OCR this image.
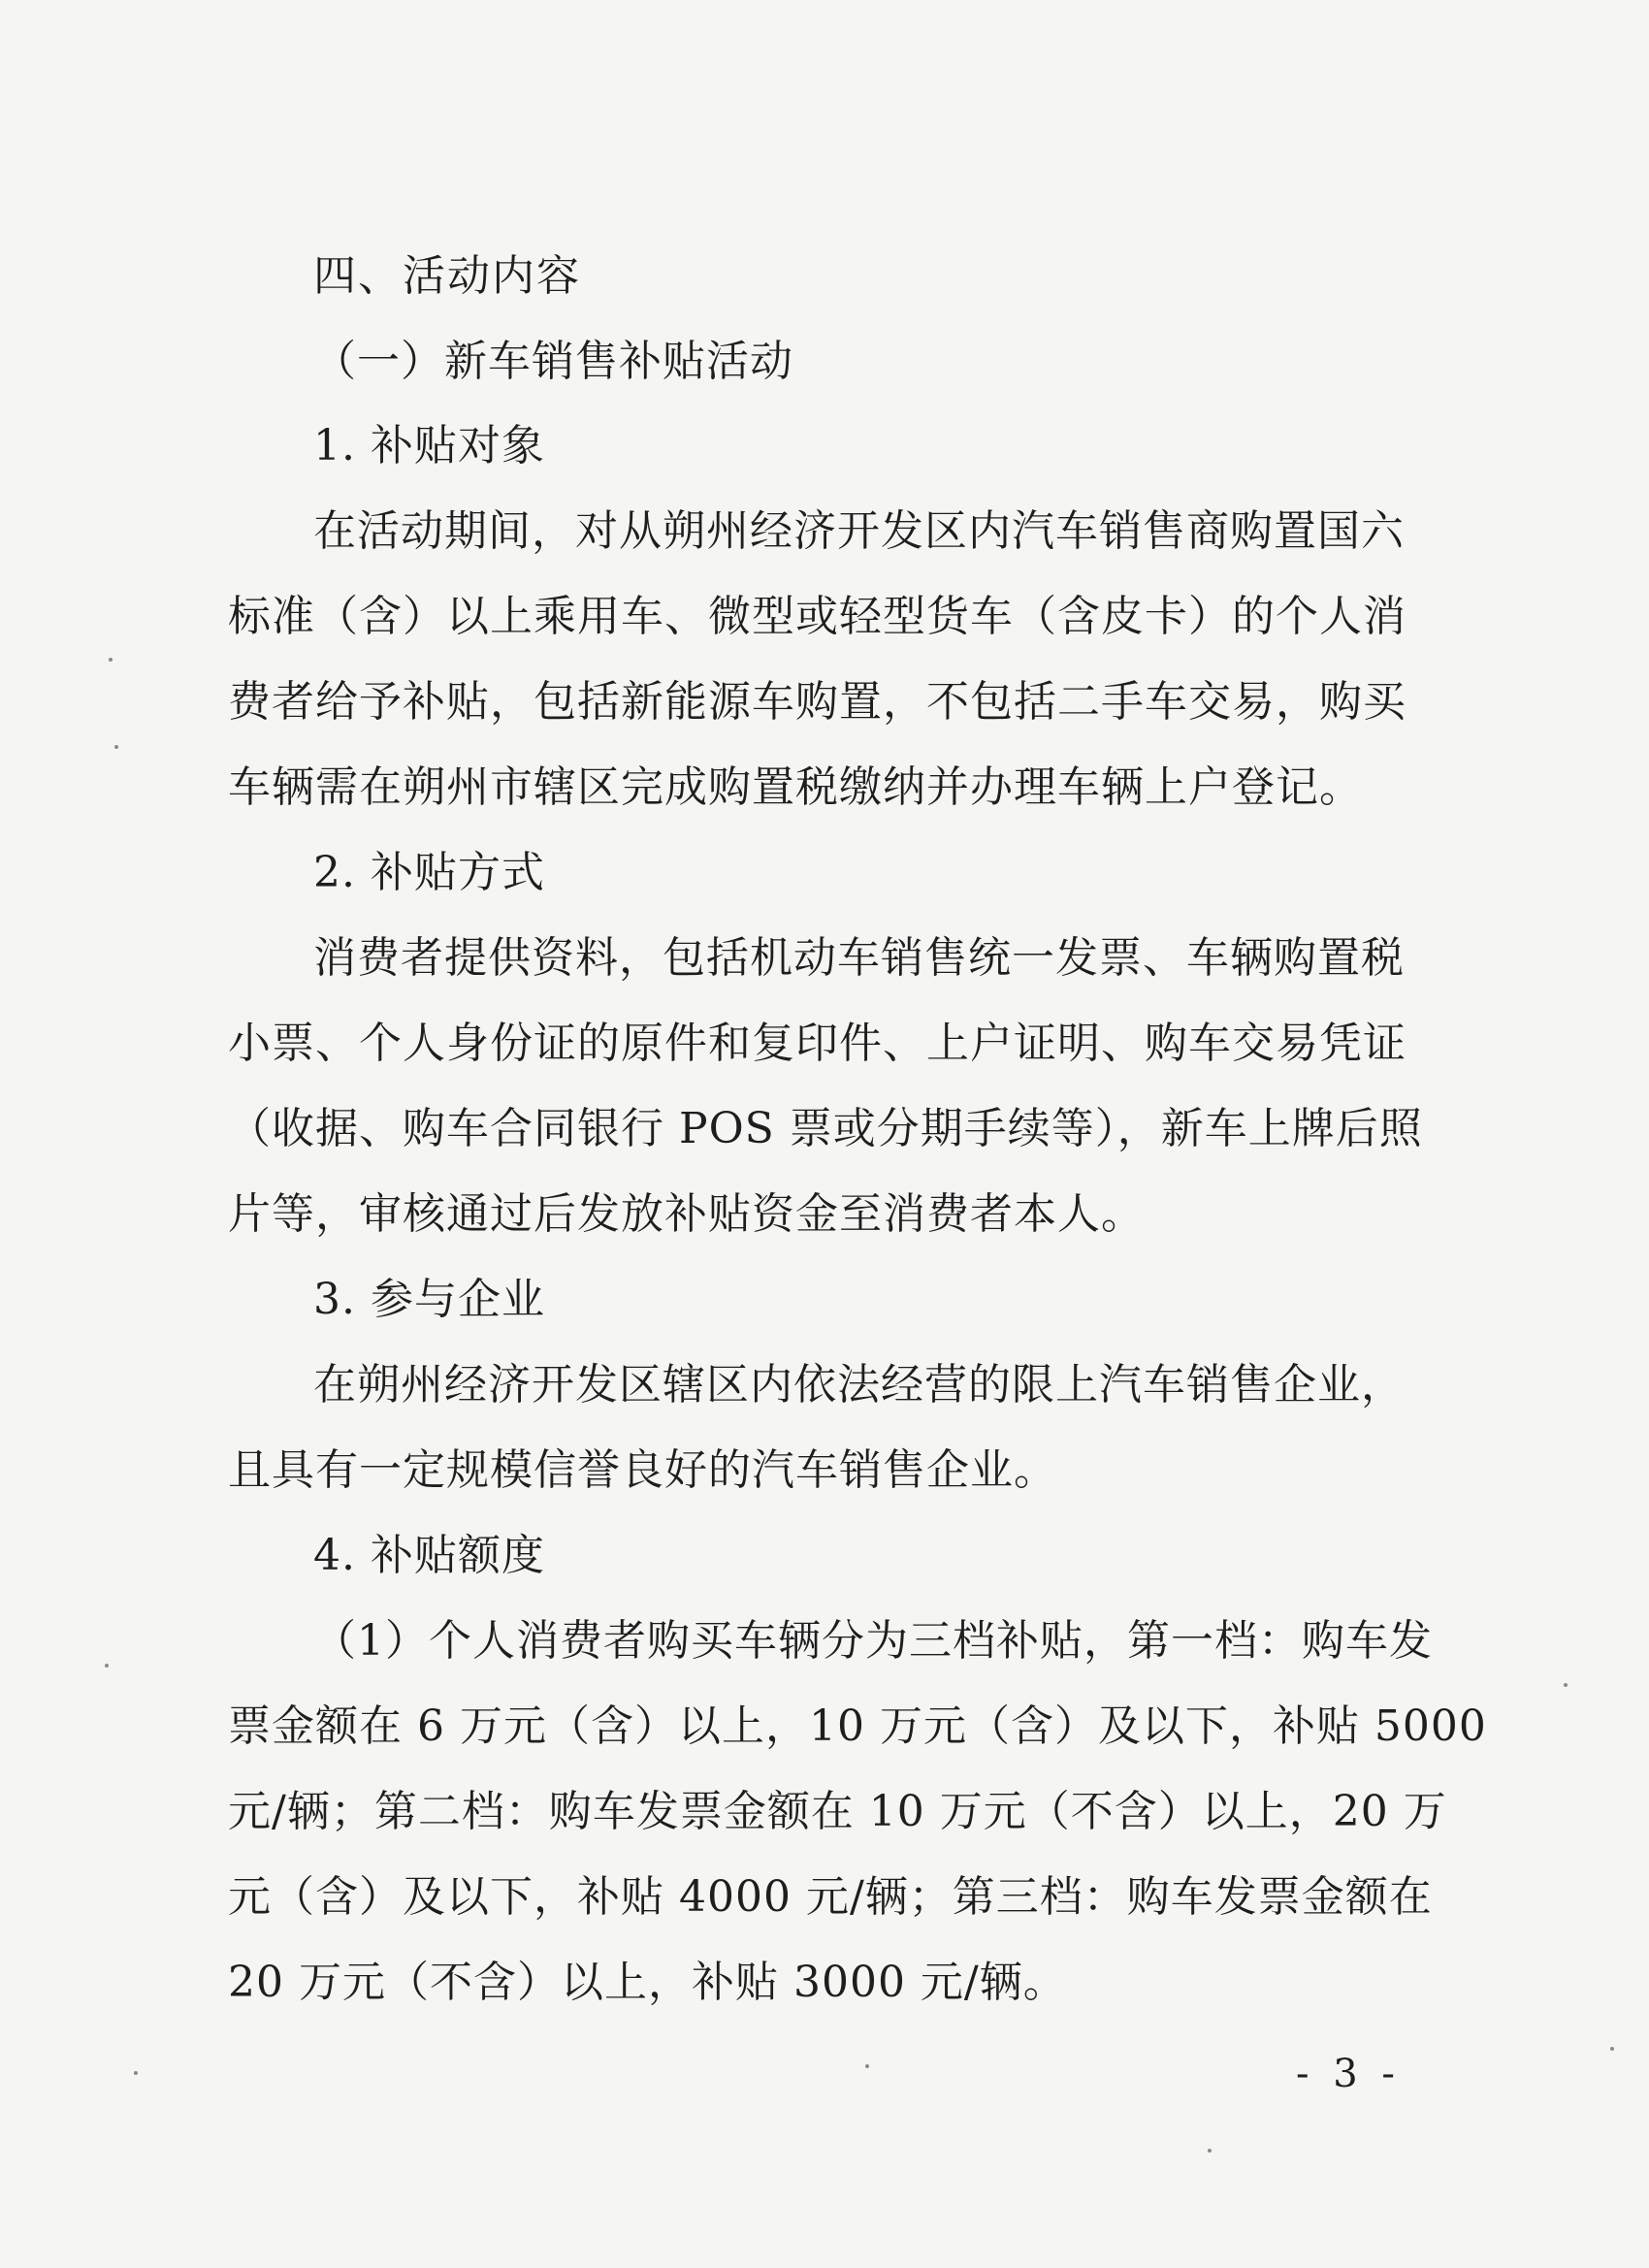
四、活动内容
（一）新车销售补贴活动
1. 补贴对象
在活动期间，对从朔州经济开发区内汽车销售商购置国六
标准（含）以上乘用车、微型或轻型货车（含皮卡）的个人消
费者给予补贴，包括新能源车购置，不包括二手车交易，购买
车辆需在朔州市辖区完成购置税缴纳并办理车辆上户登记。
2. 补贴方式
消费者提供资料，包括机动车销售统一发票、车辆购置税
小票、个人身份证的原件和复印件、上户证明、购车交易凭证
（收据、购车合同银行 POS 票或分期手续等），新车上牌后照
片等，审核通过后发放补贴资金至消费者本人。
3. 参与企业
在朔州经济开发区辖区内依法经营的限上汽车销售企业，
且具有一定规模信誉良好的汽车销售企业。
4. 补贴额度
（1）个人消费者购买车辆分为三档补贴，第一档：购车发
票金额在 6 万元（含）以上，10 万元（含）及以下，补贴 5000
元/辆；第二档：购车发票金额在 10 万元（不含）以上，20 万
元（含）及以下，补贴 4000 元/辆；第三档：购车发票金额在
20 万元（不含）以上，补贴 3000 元/辆。
- 3 -
